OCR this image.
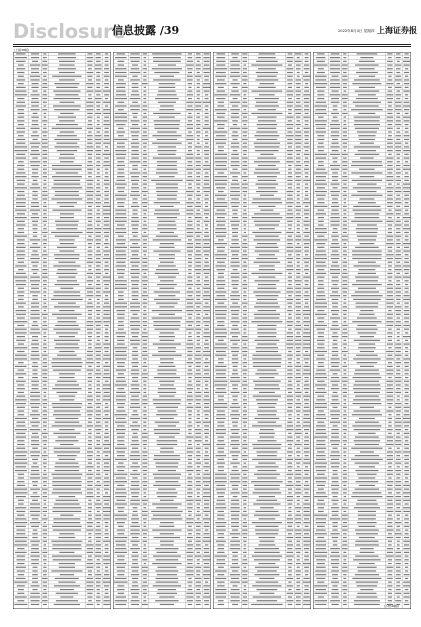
Disclosure
信息披露 /39	2022年8月4日 星期四 上海证券报
(上接38版)
(下转40版)
